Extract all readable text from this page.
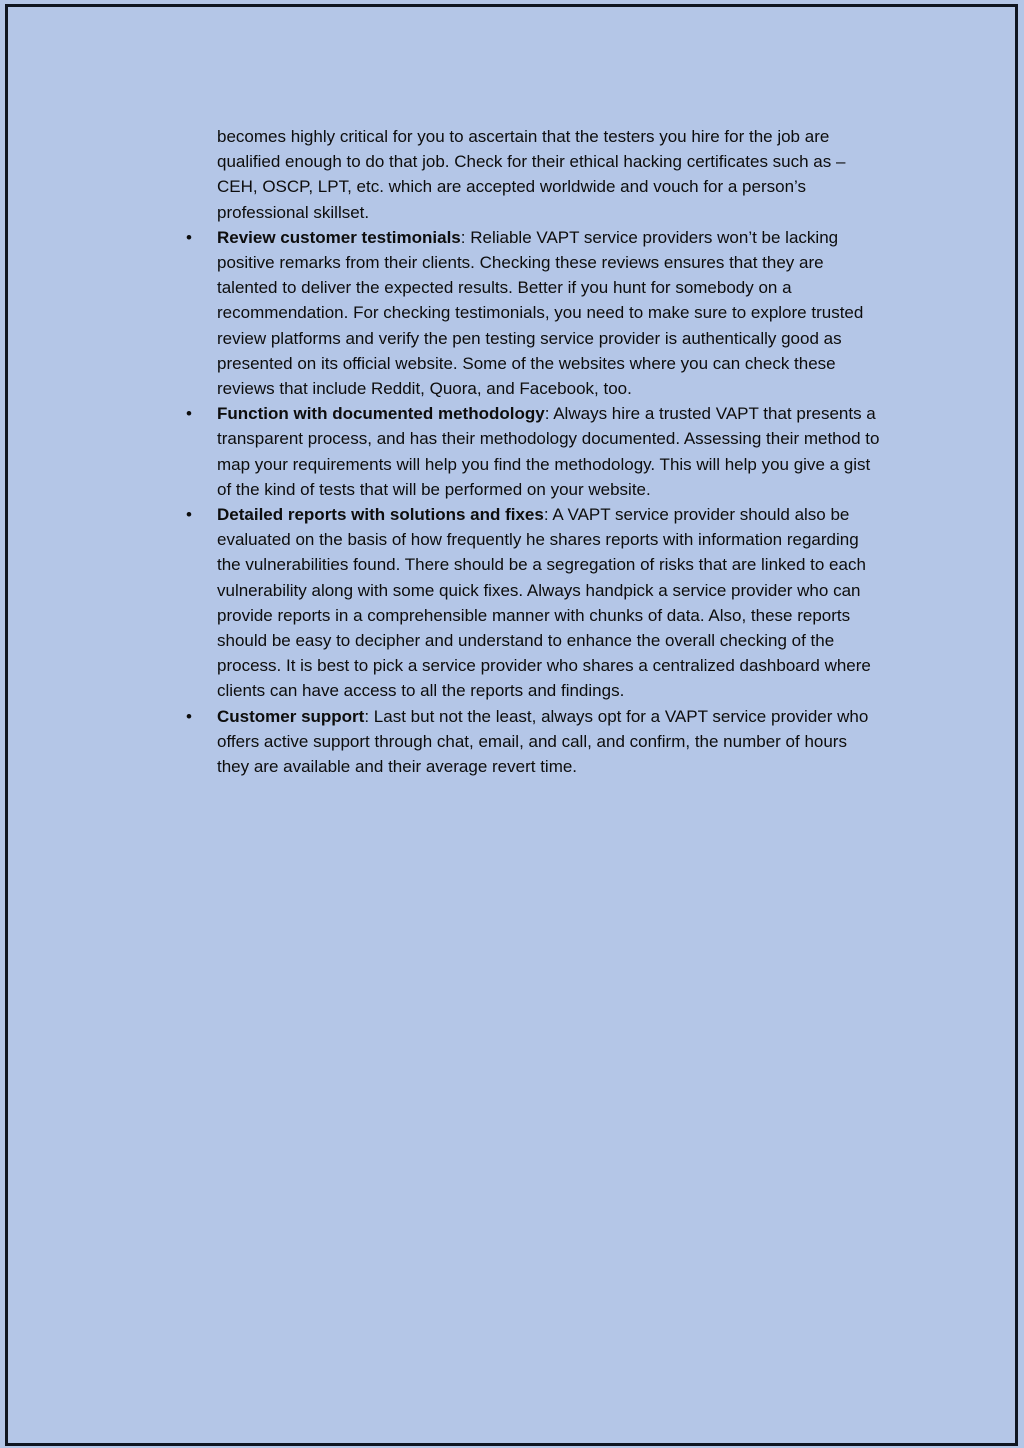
becomes highly critical for you to ascertain that the testers you hire for the job are qualified enough to do that job. Check for their ethical hacking certificates such as – CEH, OSCP, LPT, etc. which are accepted worldwide and vouch for a person’s professional skillset.

• Review customer testimonials: Reliable VAPT service providers won’t be lacking positive remarks from their clients. Checking these reviews ensures that they are talented to deliver the expected results. Better if you hunt for somebody on a recommendation. For checking testimonials, you need to make sure to explore trusted review platforms and verify the pen testing service provider is authentically good as presented on its official website. Some of the websites where you can check these reviews that include Reddit, Quora, and Facebook, too.
• Function with documented methodology: Always hire a trusted VAPT that presents a transparent process, and has their methodology documented. Assessing their method to map your requirements will help you find the methodology. This will help you give a gist of the kind of tests that will be performed on your website.
• Detailed reports with solutions and fixes: A VAPT service provider should also be evaluated on the basis of how frequently he shares reports with information regarding the vulnerabilities found. There should be a segregation of risks that are linked to each vulnerability along with some quick fixes. Always handpick a service provider who can provide reports in a comprehensible manner with chunks of data. Also, these reports should be easy to decipher and understand to enhance the overall checking of the process. It is best to pick a service provider who shares a centralized dashboard where clients can have access to all the reports and findings.
• Customer support: Last but not the least, always opt for a VAPT service provider who offers active support through chat, email, and call, and confirm, the number of hours they are available and their average revert time.
